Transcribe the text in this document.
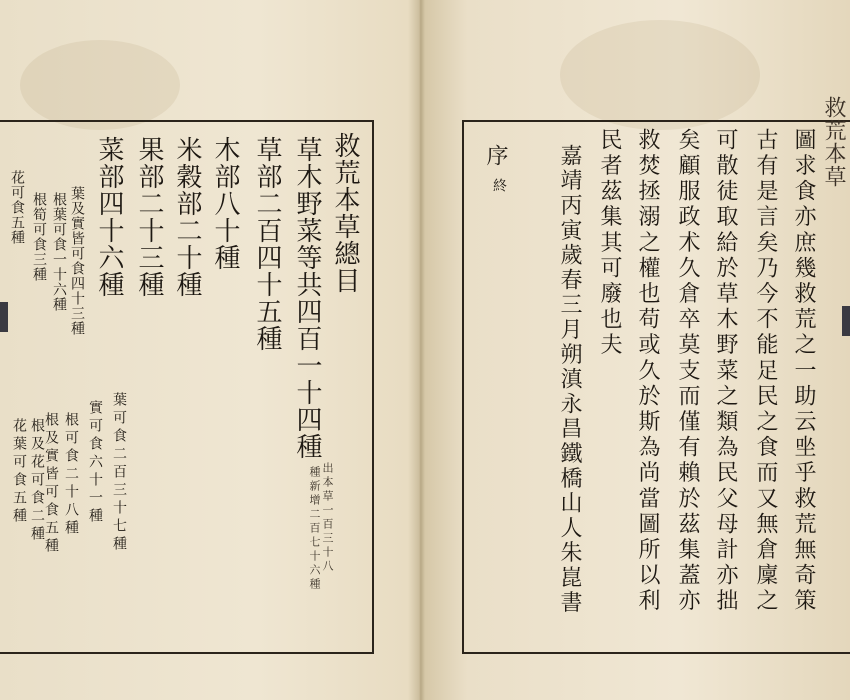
救荒本草總目
草木野菜等共四百一十四種
出本草一百三十八
種新增二百七十六種
草部二百四十五種
木部八十種
米穀部二十種
果部二十三種
菜部四十六種
葉可食二百三十七種
實可食六十一種
根可食二十八種
根及實皆可食五種
根及花可食二種
花葉可食五種
葉及實皆可食四十三種
根葉可食一十六種
根筍可食三種
花可食五種
序
終	圖求食亦庶幾救荒之一助云㘴乎救荒無奇策
古有是言矣乃今不能足民之食而又無倉廩之
可散徒取給於草木野菜之類為民父母計亦拙
矣顧服政术久倉卒莫支而僅有賴於茲集蓋亦
救焚拯溺之權也苟或久於斯為尚當圖所以利
民者茲集其可廢也夫
嘉靖丙寅歲春三月朔滇永昌鐵橋山人朱崑書
救荒本草
